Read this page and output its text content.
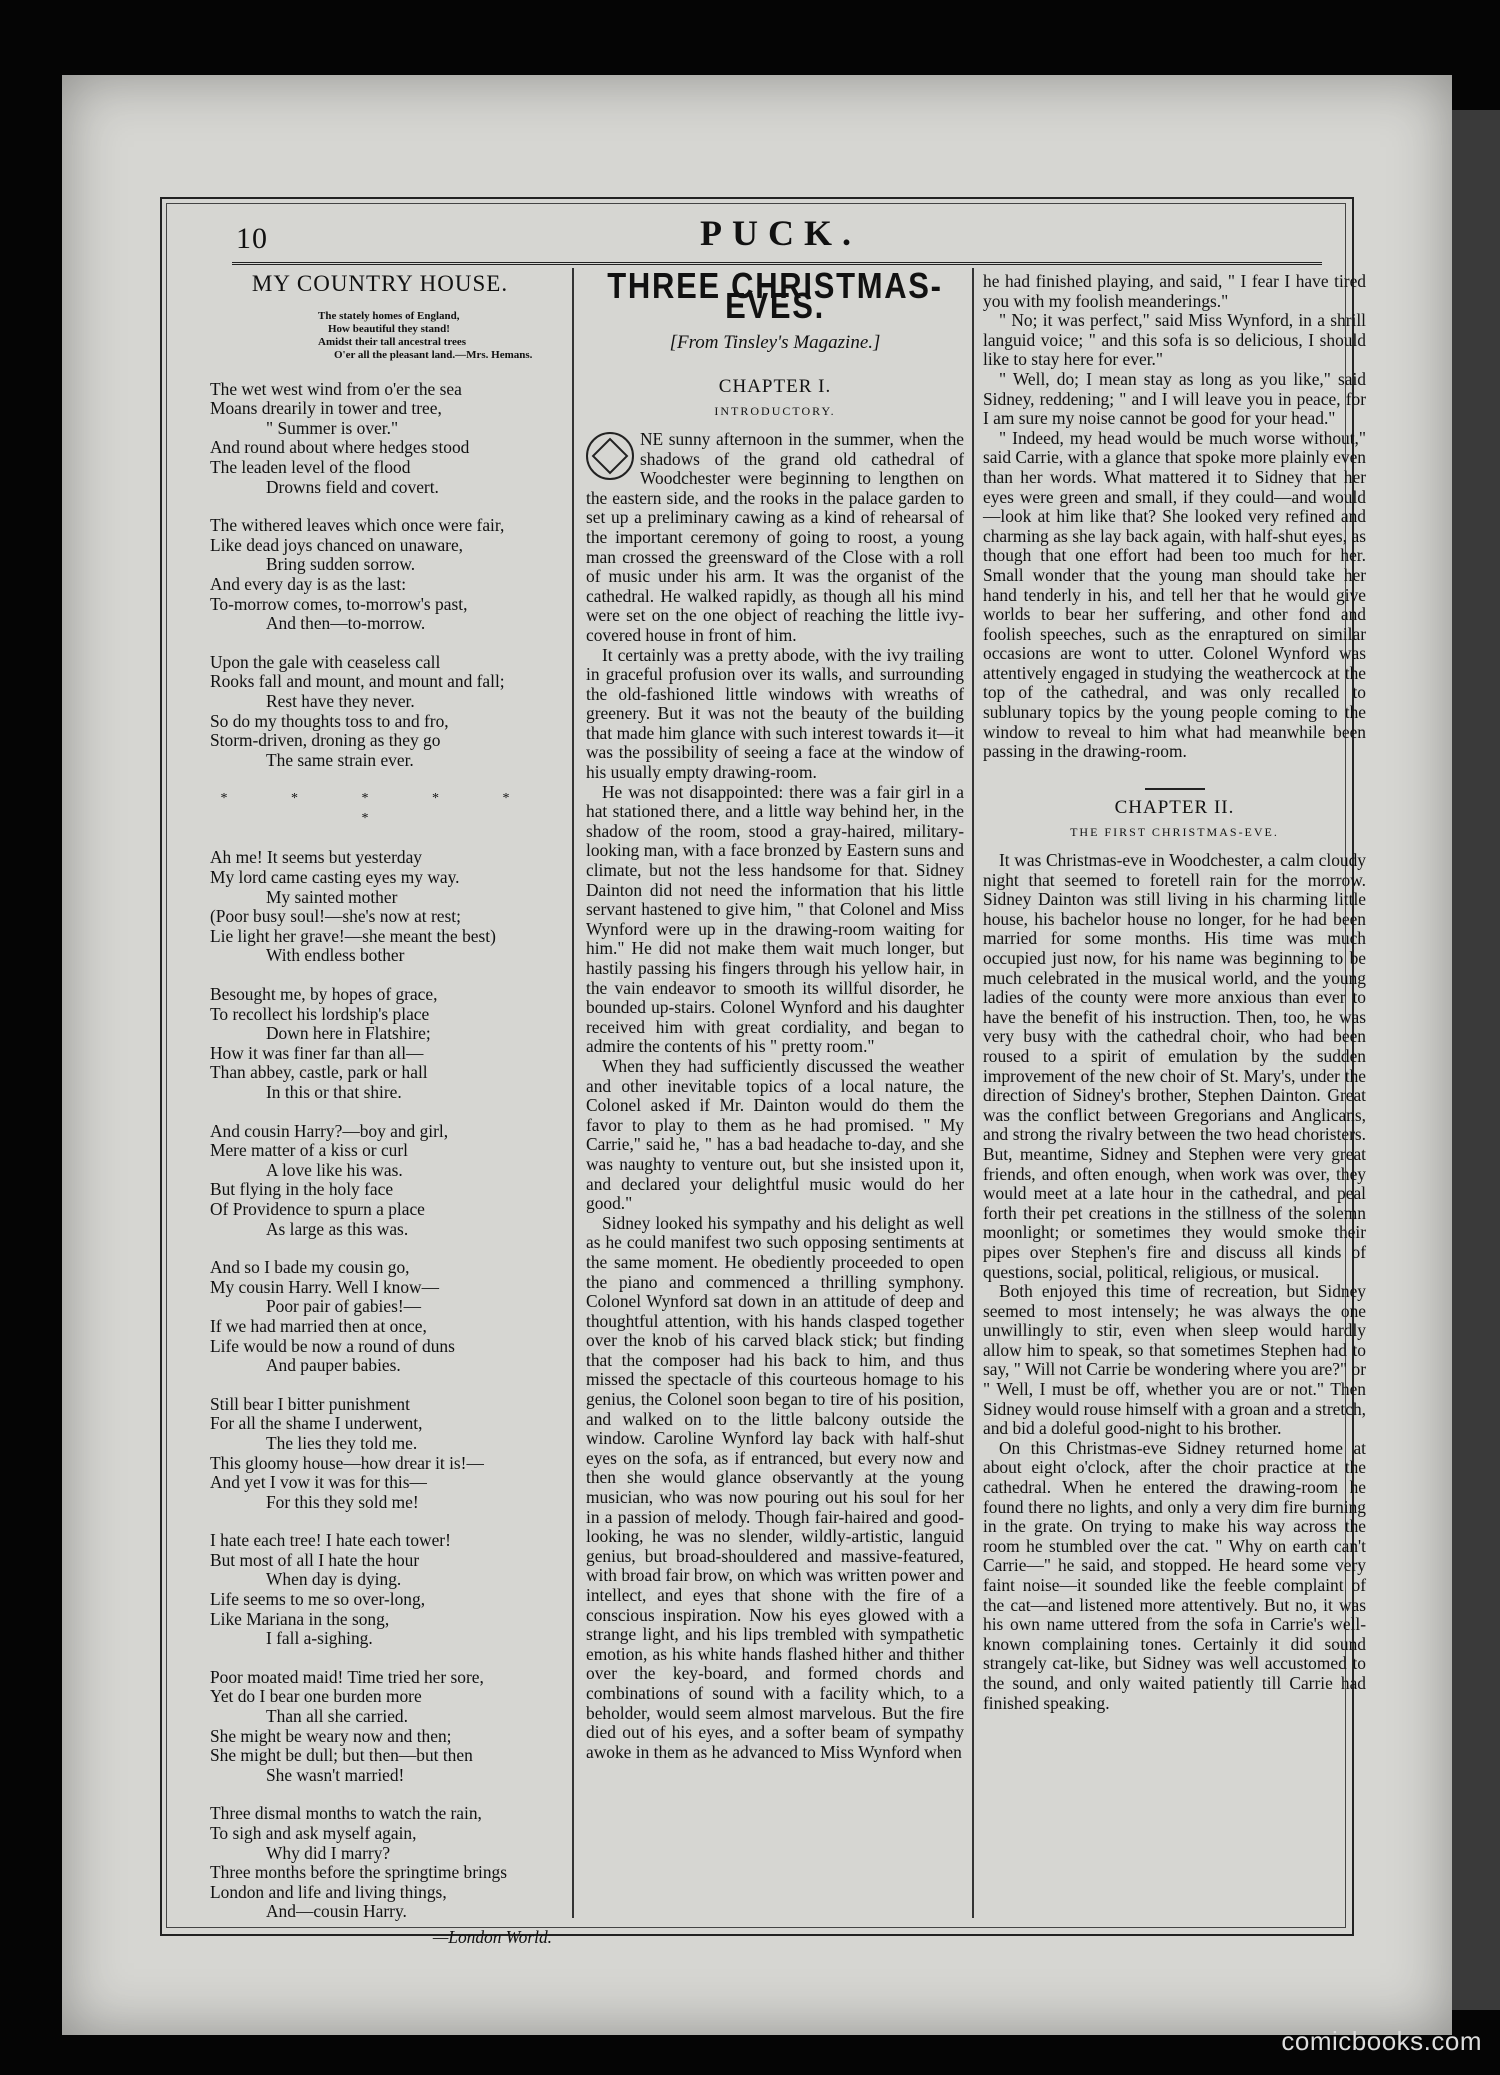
10	PUCK.
MY COUNTRY HOUSE.
The stately homes of England,
How beautiful they stand!
Amidst their tall ancestral trees
O'er all the pleasant land.—Mrs. Hemans.
The wet west wind from o'er the sea
Moans drearily in tower and tree,
" Summer is over."
And round about where hedges stood
The leaden level of the flood
Drowns field and covert.
The withered leaves which once were fair,
Like dead joys chanced on unaware,
Bring sudden sorrow.
And every day is as the last:
To-morrow comes, to-morrow's past,
And then—to-morrow.
Upon the gale with ceaseless call
Rooks fall and mount, and mount and fall;
Rest have they never.
So do my thoughts toss to and fro,
Storm-driven, droning as they go
The same strain ever.
* * * * * *
Ah me! It seems but yesterday
My lord came casting eyes my way.
My sainted mother
(Poor busy soul!—she's now at rest;
Lie light her grave!—she meant the best)
With endless bother
Besought me, by hopes of grace,
To recollect his lordship's place
Down here in Flatshire;
How it was finer far than all—
Than abbey, castle, park or hall
In this or that shire.
And cousin Harry?—boy and girl,
Mere matter of a kiss or curl
A love like his was.
But flying in the holy face
Of Providence to spurn a place
As large as this was.
And so I bade my cousin go,
My cousin Harry. Well I know—
Poor pair of gabies!—
If we had married then at once,
Life would be now a round of duns
And pauper babies.
Still bear I bitter punishment
For all the shame I underwent,
The lies they told me.
This gloomy house—how drear it is!—
And yet I vow it was for this—
For this they sold me!
I hate each tree! I hate each tower!
But most of all I hate the hour
When day is dying.
Life seems to me so over-long,
Like Mariana in the song,
I fall a-sighing.
Poor moated maid! Time tried her sore,
Yet do I bear one burden more
Than all she carried.
She might be weary now and then;
She might be dull; but then—but then
She wasn't married!
Three dismal months to watch the rain,
To sigh and ask myself again,
Why did I marry?
Three months before the springtime brings
London and life and living things,
And—cousin Harry.
—London World.
THREE CHRISTMAS-EVES.
[From Tinsley's Magazine.]
CHAPTER I.
INTRODUCTORY.

NE sunny afternoon in the summer, when the shadows of the grand old cathedral of Woodchester were beginning to lengthen on the eastern side, and the rooks in the palace garden to set up a preliminary cawing as a kind of rehearsal of the important ceremony of going to roost, a young man crossed the greensward of the Close with a roll of music under his arm. It was the organist of the cathedral. He walked rapidly, as though all his mind were set on the one object of reaching the little ivy-covered house in front of him.

It certainly was a pretty abode, with the ivy trailing in graceful profusion over its walls, and surrounding the old-fashioned little windows with wreaths of greenery. But it was not the beauty of the building that made him glance with such interest towards it—it was the possibility of seeing a face at the window of his usually empty drawing-room.

He was not disappointed: there was a fair girl in a hat stationed there, and a little way behind her, in the shadow of the room, stood a gray-haired, military-looking man, with a face bronzed by Eastern suns and climate, but not the less handsome for that. Sidney Dainton did not need the information that his little servant hastened to give him, " that Colonel and Miss Wynford were up in the drawing-room waiting for him." He did not make them wait much longer, but hastily passing his fingers through his yellow hair, in the vain endeavor to smooth its willful disorder, he bounded up-stairs. Colonel Wynford and his daughter received him with great cordiality, and began to admire the contents of his " pretty room."

When they had sufficiently discussed the weather and other inevitable topics of a local nature, the Colonel asked if Mr. Dainton would do them the favor to play to them as he had promised. " My Carrie," said he, " has a bad headache to-day, and she was naughty to venture out, but she insisted upon it, and declared your delightful music would do her good."

Sidney looked his sympathy and his delight as well as he could manifest two such opposing sentiments at the same moment. He obediently proceeded to open the piano and commenced a thrilling symphony. Colonel Wynford sat down in an attitude of deep and thoughtful attention, with his hands clasped together over the knob of his carved black stick; but finding that the composer had his back to him, and thus missed the spectacle of this courteous homage to his genius, the Colonel soon began to tire of his position, and walked on to the little balcony outside the window. Caroline Wynford lay back with half-shut eyes on the sofa, as if entranced, but every now and then she would glance observantly at the young musician, who was now pouring out his soul for her in a passion of melody. Though fair-haired and good-looking, he was no slender, wildly-artistic, languid genius, but broad-shouldered and massive-featured, with broad fair brow, on which was written power and intellect, and eyes that shone with the fire of a conscious inspiration. Now his eyes glowed with a strange light, and his lips trembled with sympathetic emotion, as his white hands flashed hither and thither over the key-board, and formed chords and combinations of sound with a facility which, to a beholder, would seem almost marvelous. But the fire died out of his eyes, and a softer beam of sympathy awoke in them as he advanced to Miss Wynford when

he had finished playing, and said, " I fear I have tired you with my foolish meanderings."

" No; it was perfect," said Miss Wynford, in a shrill languid voice; " and this sofa is so delicious, I should like to stay here for ever."

" Well, do; I mean stay as long as you like," said Sidney, reddening; " and I will leave you in peace, for I am sure my noise cannot be good for your head."

" Indeed, my head would be much worse without," said Carrie, with a glance that spoke more plainly even than her words. What mattered it to Sidney that her eyes were green and small, if they could—and would—look at him like that? She looked very refined and charming as she lay back again, with half-shut eyes, as though that one effort had been too much for her. Small wonder that the young man should take her hand tenderly in his, and tell her that he would give worlds to bear her suffering, and other fond and foolish speeches, such as the enraptured on similar occasions are wont to utter. Colonel Wynford was attentively engaged in studying the weathercock at the top of the cathedral, and was only recalled to sublunary topics by the young people coming to the window to reveal to him what had meanwhile been passing in the drawing-room.

CHAPTER II.
THE FIRST CHRISTMAS-EVE.

It was Christmas-eve in Woodchester, a calm cloudy night that seemed to foretell rain for the morrow. Sidney Dainton was still living in his charming little house, his bachelor house no longer, for he had been married for some months. His time was much occupied just now, for his name was beginning to be much celebrated in the musical world, and the young ladies of the county were more anxious than ever to have the benefit of his instruction. Then, too, he was very busy with the cathedral choir, who had been roused to a spirit of emulation by the sudden improvement of the new choir of St. Mary's, under the direction of Sidney's brother, Stephen Dainton. Great was the conflict between Gregorians and Anglicans, and strong the rivalry between the two head choristers. But, meantime, Sidney and Stephen were very great friends, and often enough, when work was over, they would meet at a late hour in the cathedral, and peal forth their pet creations in the stillness of the solemn moonlight; or sometimes they would smoke their pipes over Stephen's fire and discuss all kinds of questions, social, political, religious, or musical.

Both enjoyed this time of recreation, but Sidney seemed to most intensely; he was always the one unwillingly to stir, even when sleep would hardly allow him to speak, so that sometimes Stephen had to say, " Will not Carrie be wondering where you are?" or " Well, I must be off, whether you are or not." Then Sidney would rouse himself with a groan and a stretch, and bid a doleful good-night to his brother.

On this Christmas-eve Sidney returned home at about eight o'clock, after the choir practice at the cathedral. When he entered the drawing-room he found there no lights, and only a very dim fire burning in the grate. On trying to make his way across the room he stumbled over the cat. " Why on earth can't Carrie—" he said, and stopped. He heard some very faint noise—it sounded like the feeble complaint of the cat—and listened more attentively. But no, it was his own name uttered from the sofa in Carrie's well-known complaining tones. Certainly it did sound strangely cat-like, but Sidney was well accustomed to the sound, and only waited patiently till Carrie had finished speaking.

comicbooks.com
